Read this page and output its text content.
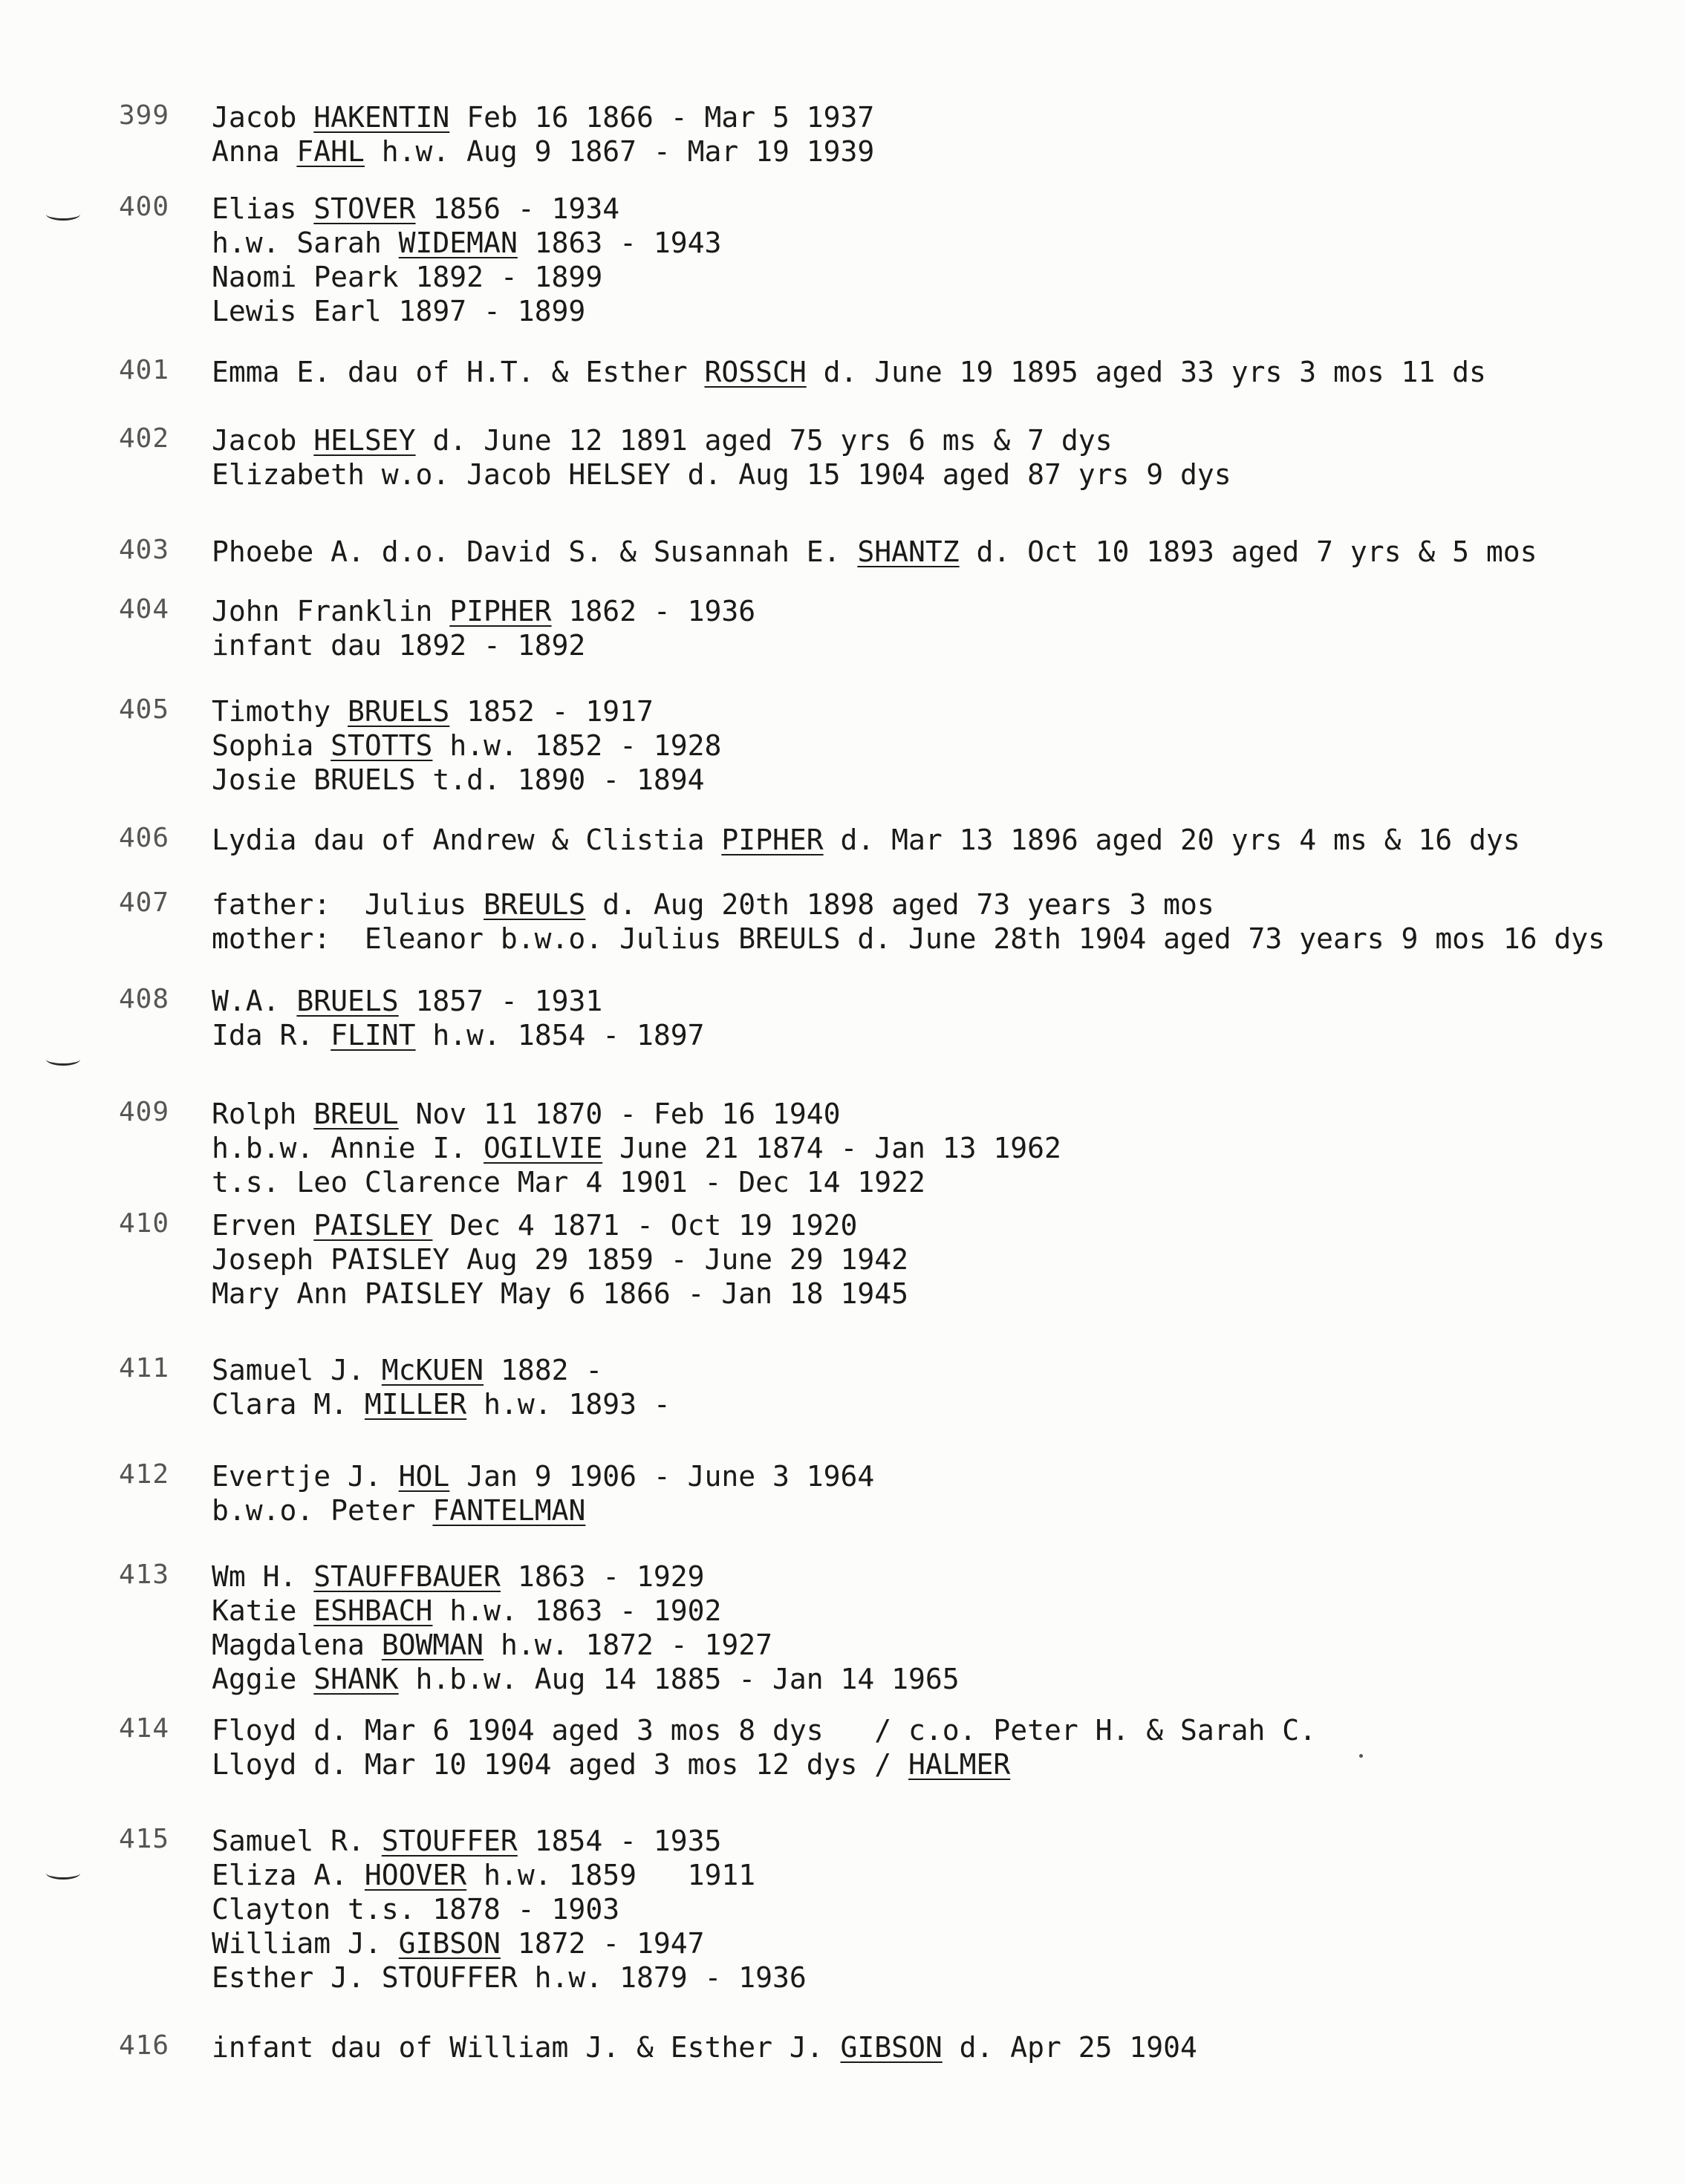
399 Jacob HAKENTIN Feb 16 1866 - Mar 5 1937
Anna FAHL h.w. Aug 9 1867 - Mar 19 1939
400 Elias STOVER 1856 - 1934
h.w. Sarah WIDEMAN 1863 - 1943
Naomi Peark 1892 - 1899
Lewis Earl 1897 - 1899
401 Emma E. dau of H.T. & Esther ROSSCH d. June 19 1895 aged 33 yrs 3 mos 11 ds
402 Jacob HELSEY d. June 12 1891 aged 75 yrs 6 ms & 7 dys
Elizabeth w.o. Jacob HELSEY d. Aug 15 1904 aged 87 yrs 9 dys
403 Phoebe A. d.o. David S. & Susannah E. SHANTZ d. Oct 10 1893 aged 7 yrs & 5 mos
404 John Franklin PIPHER 1862 - 1936
infant dau 1892 - 1892
405 Timothy BRUELS 1852 - 1917
Sophia STOTTS h.w. 1852 - 1928
Josie BRUELS t.d. 1890 - 1894
406 Lydia dau of Andrew & Clistia PIPHER d. Mar 13 1896 aged 20 yrs 4 ms & 16 dys
407 father:  Julius BREULS d. Aug 20th 1898 aged 73 years 3 mos
mother:  Eleanor b.w.o. Julius BREULS d. June 28th 1904 aged 73 years 9 mos 16 dys
408 W.A. BRUELS 1857 - 1931
Ida R. FLINT h.w. 1854 - 1897
409 Rolph BREUL Nov 11 1870 - Feb 16 1940
h.b.w. Annie I. OGILVIE June 21 1874 - Jan 13 1962
t.s. Leo Clarence Mar 4 1901 - Dec 14 1922
410 Erven PAISLEY Dec 4 1871 - Oct 19 1920
Joseph PAISLEY Aug 29 1859 - June 29 1942
Mary Ann PAISLEY May 6 1866 - Jan 18 1945
411 Samuel J. McKUEN 1882 -
Clara M. MILLER h.w. 1893 -
412 Evertje J. HOL Jan 9 1906 - June 3 1964
b.w.o. Peter FANTELMAN
413 Wm H. STAUFFBAUER 1863 - 1929
Katie ESHBACH h.w. 1863 - 1902
Magdalena BOWMAN h.w. 1872 - 1927
Aggie SHANK h.b.w. Aug 14 1885 - Jan 14 1965
414 Floyd d. Mar 6 1904 aged 3 mos 8 dys   / c.o. Peter H. & Sarah C.
Lloyd d. Mar 10 1904 aged 3 mos 12 dys / HALMER
415 Samuel R. STOUFFER 1854 - 1935
Eliza A. HOOVER h.w. 1859   1911
Clayton t.s. 1878 - 1903
William J. GIBSON 1872 - 1947
Esther J. STOUFFER h.w. 1879 - 1936
416 infant dau of William J. & Esther J. GIBSON d. Apr 25 1904
